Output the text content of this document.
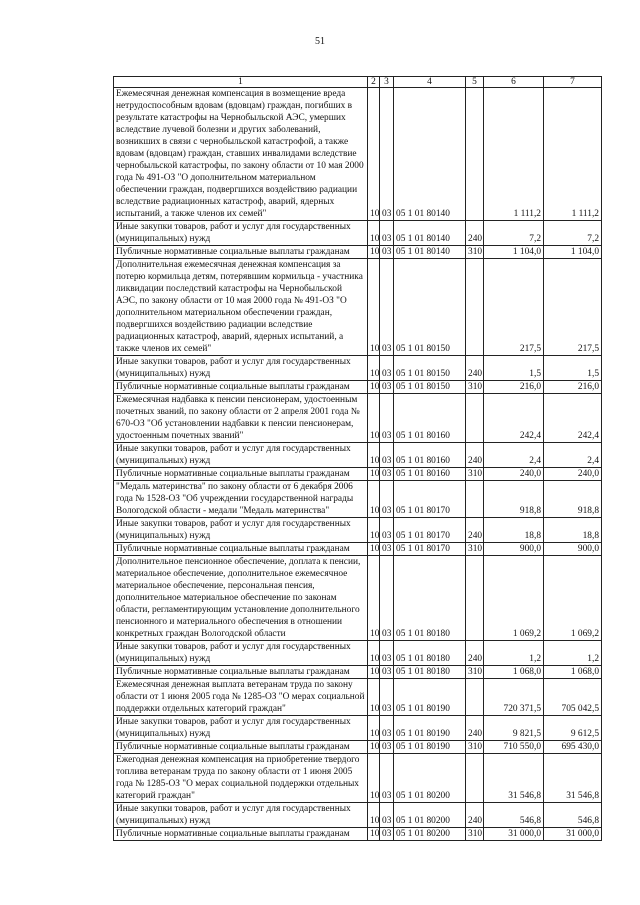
51
1	2	3	4	5	6	7
Ежемесячная денежная компенсация в возмещение вреда нетрудоспособным вдовам (вдовцам) граждан, погибших в результате катастрофы на Чернобыльской АЭС, умерших вследствие лучевой болезни и других заболеваний, возникших в связи с чернобыльской катастрофой, а также вдовам (вдовцам) граждан, ставших инвалидами вследствие чернобыльской катастрофы, по закону области от 10 мая 2000 года № 491-ОЗ "О дополнительном материальном обеспечении граждан, подвергшихся воздействию радиации вследствие радиационных катастроф, аварий, ядерных испытаний, а также членов их семей"	10	03	05 1 01 80140		1 111,2	1 111,2
Иные закупки товаров, работ и услуг для государственных (муниципальных) нужд	10	03	05 1 01 80140	240	7,2	7,2
Публичные нормативные социальные выплаты гражданам	10	03	05 1 01 80140	310	1 104,0	1 104,0
Дополнительная ежемесячная денежная компенсация за потерю кормильца детям, потерявшим кормильца - участника ликвидации последствий катастрофы на Чернобыльской АЭС, по закону области от 10 мая 2000 года № 491-ОЗ "О дополнительном материальном обеспечении граждан, подвергшихся воздействию радиации вследствие радиационных катастроф, аварий, ядерных испытаний, а также членов их семей"	10	03	05 1 01 80150		217,5	217,5
Иные закупки товаров, работ и услуг для государственных (муниципальных) нужд	10	03	05 1 01 80150	240	1,5	1,5
Публичные нормативные социальные выплаты гражданам	10	03	05 1 01 80150	310	216,0	216,0
Ежемесячная надбавка к пенсии пенсионерам, удостоенным почетных званий, по закону области от 2 апреля 2001 года № 670-ОЗ "Об установлении надбавки к пенсии пенсионерам, удостоенным почетных званий"	10	03	05 1 01 80160		242,4	242,4
Иные закупки товаров, работ и услуг для государственных (муниципальных) нужд	10	03	05 1 01 80160	240	2,4	2,4
Публичные нормативные социальные выплаты гражданам	10	03	05 1 01 80160	310	240,0	240,0
"Медаль материнства" по закону области от 6 декабря 2006 года № 1528-ОЗ "Об учреждении государственной награды Вологодской области - медали "Медаль материнства"	10	03	05 1 01 80170		918,8	918,8
Иные закупки товаров, работ и услуг для государственных (муниципальных) нужд	10	03	05 1 01 80170	240	18,8	18,8
Публичные нормативные социальные выплаты гражданам	10	03	05 1 01 80170	310	900,0	900,0
Дополнительное пенсионное обеспечение, доплата к пенсии, материальное обеспечение, дополнительное ежемесячное материальное обеспечение, персональная пенсия, дополнительное материальное обеспечение по законам области, регламентирующим установление дополнительного пенсионного и материального обеспечения в отношении конкретных граждан Вологодской области	10	03	05 1 01 80180		1 069,2	1 069,2
Иные закупки товаров, работ и услуг для государственных (муниципальных) нужд	10	03	05 1 01 80180	240	1,2	1,2
Публичные нормативные социальные выплаты гражданам	10	03	05 1 01 80180	310	1 068,0	1 068,0
Ежемесячная денежная выплата ветеранам труда по закону области от 1 июня 2005 года № 1285-ОЗ "О мерах социальной поддержки отдельных категорий граждан"	10	03	05 1 01 80190		720 371,5	705 042,5
Иные закупки товаров, работ и услуг для государственных (муниципальных) нужд	10	03	05 1 01 80190	240	9 821,5	9 612,5
Публичные нормативные социальные выплаты гражданам	10	03	05 1 01 80190	310	710 550,0	695 430,0
Ежегодная денежная компенсация на приобретение твердого топлива ветеранам труда по закону области от 1 июня 2005 года № 1285-ОЗ "О мерах социальной поддержки отдельных категорий граждан"	10	03	05 1 01 80200		31 546,8	31 546,8
Иные закупки товаров, работ и услуг для государственных (муниципальных) нужд	10	03	05 1 01 80200	240	546,8	546,8
Публичные нормативные социальные выплаты гражданам	10	03	05 1 01 80200	310	31 000,0	31 000,0
